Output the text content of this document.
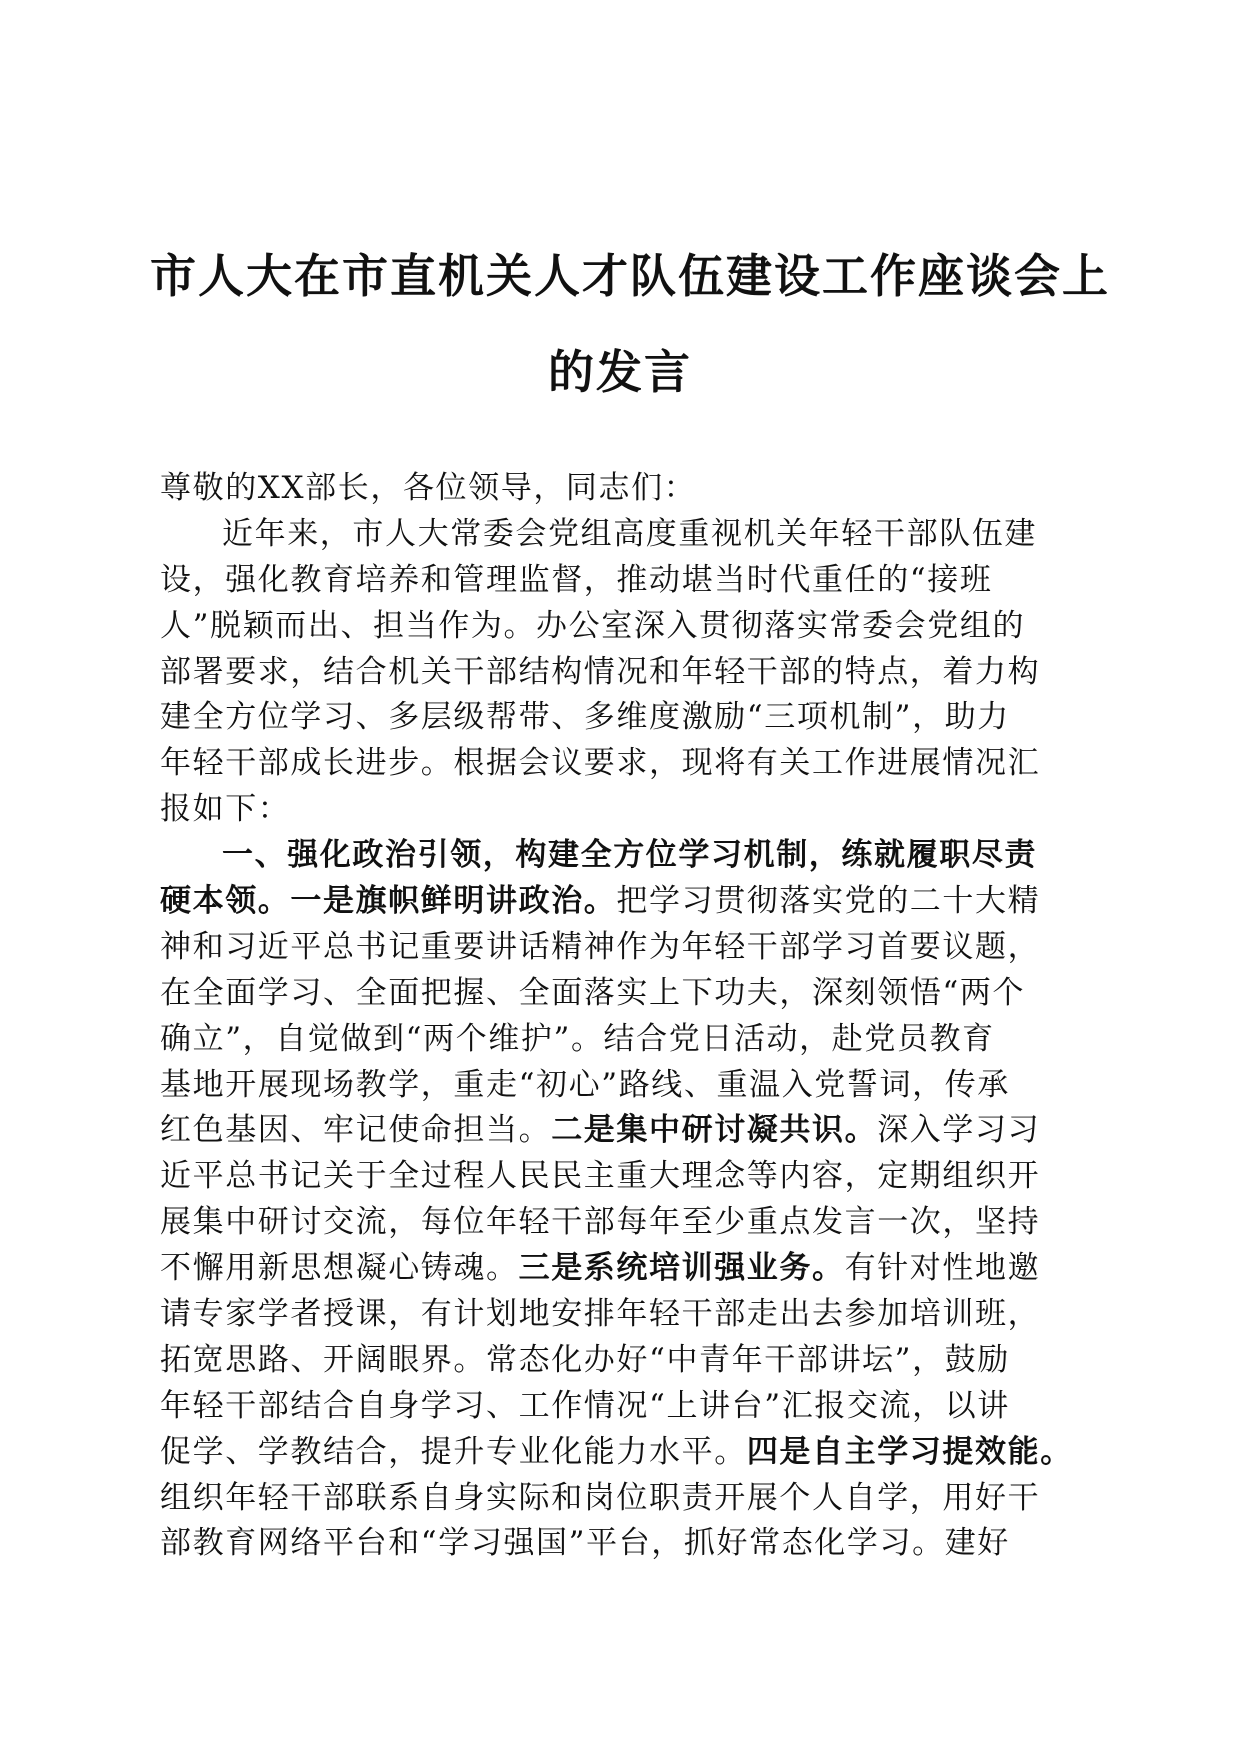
市人大在市直机关人才队伍建设工作座谈会上
的发言
尊敬的XX部长，各位领导，同志们：
近年来，市人大常委会党组高度重视机关年轻干部队伍建
设，强化教育培养和管理监督，推动堪当时代重任的“接班
人”脱颖而出、担当作为。办公室深入贯彻落实常委会党组的
部署要求，结合机关干部结构情况和年轻干部的特点，着力构
建全方位学习、多层级帮带、多维度激励“三项机制”，助力
年轻干部成长进步。根据会议要求，现将有关工作进展情况汇
报如下：
一、强化政治引领，构建全方位学习机制，练就履职尽责
硬本领。一是旗帜鲜明讲政治。把学习贯彻落实党的二十大精
神和习近平总书记重要讲话精神作为年轻干部学习首要议题，
在全面学习、全面把握、全面落实上下功夫，深刻领悟“两个
确立”，自觉做到“两个维护”。结合党日活动，赴党员教育
基地开展现场教学，重走“初心”路线、重温入党誓词，传承
红色基因、牢记使命担当。二是集中研讨凝共识。深入学习习
近平总书记关于全过程人民民主重大理念等内容，定期组织开
展集中研讨交流，每位年轻干部每年至少重点发言一次，坚持
不懈用新思想凝心铸魂。三是系统培训强业务。有针对性地邀
请专家学者授课，有计划地安排年轻干部走出去参加培训班，
拓宽思路、开阔眼界。常态化办好“中青年干部讲坛”，鼓励
年轻干部结合自身学习、工作情况“上讲台”汇报交流，以讲
促学、学教结合，提升专业化能力水平。四是自主学习提效能。
组织年轻干部联系自身实际和岗位职责开展个人自学，用好干
部教育网络平台和“学习强国”平台，抓好常态化学习。建好
